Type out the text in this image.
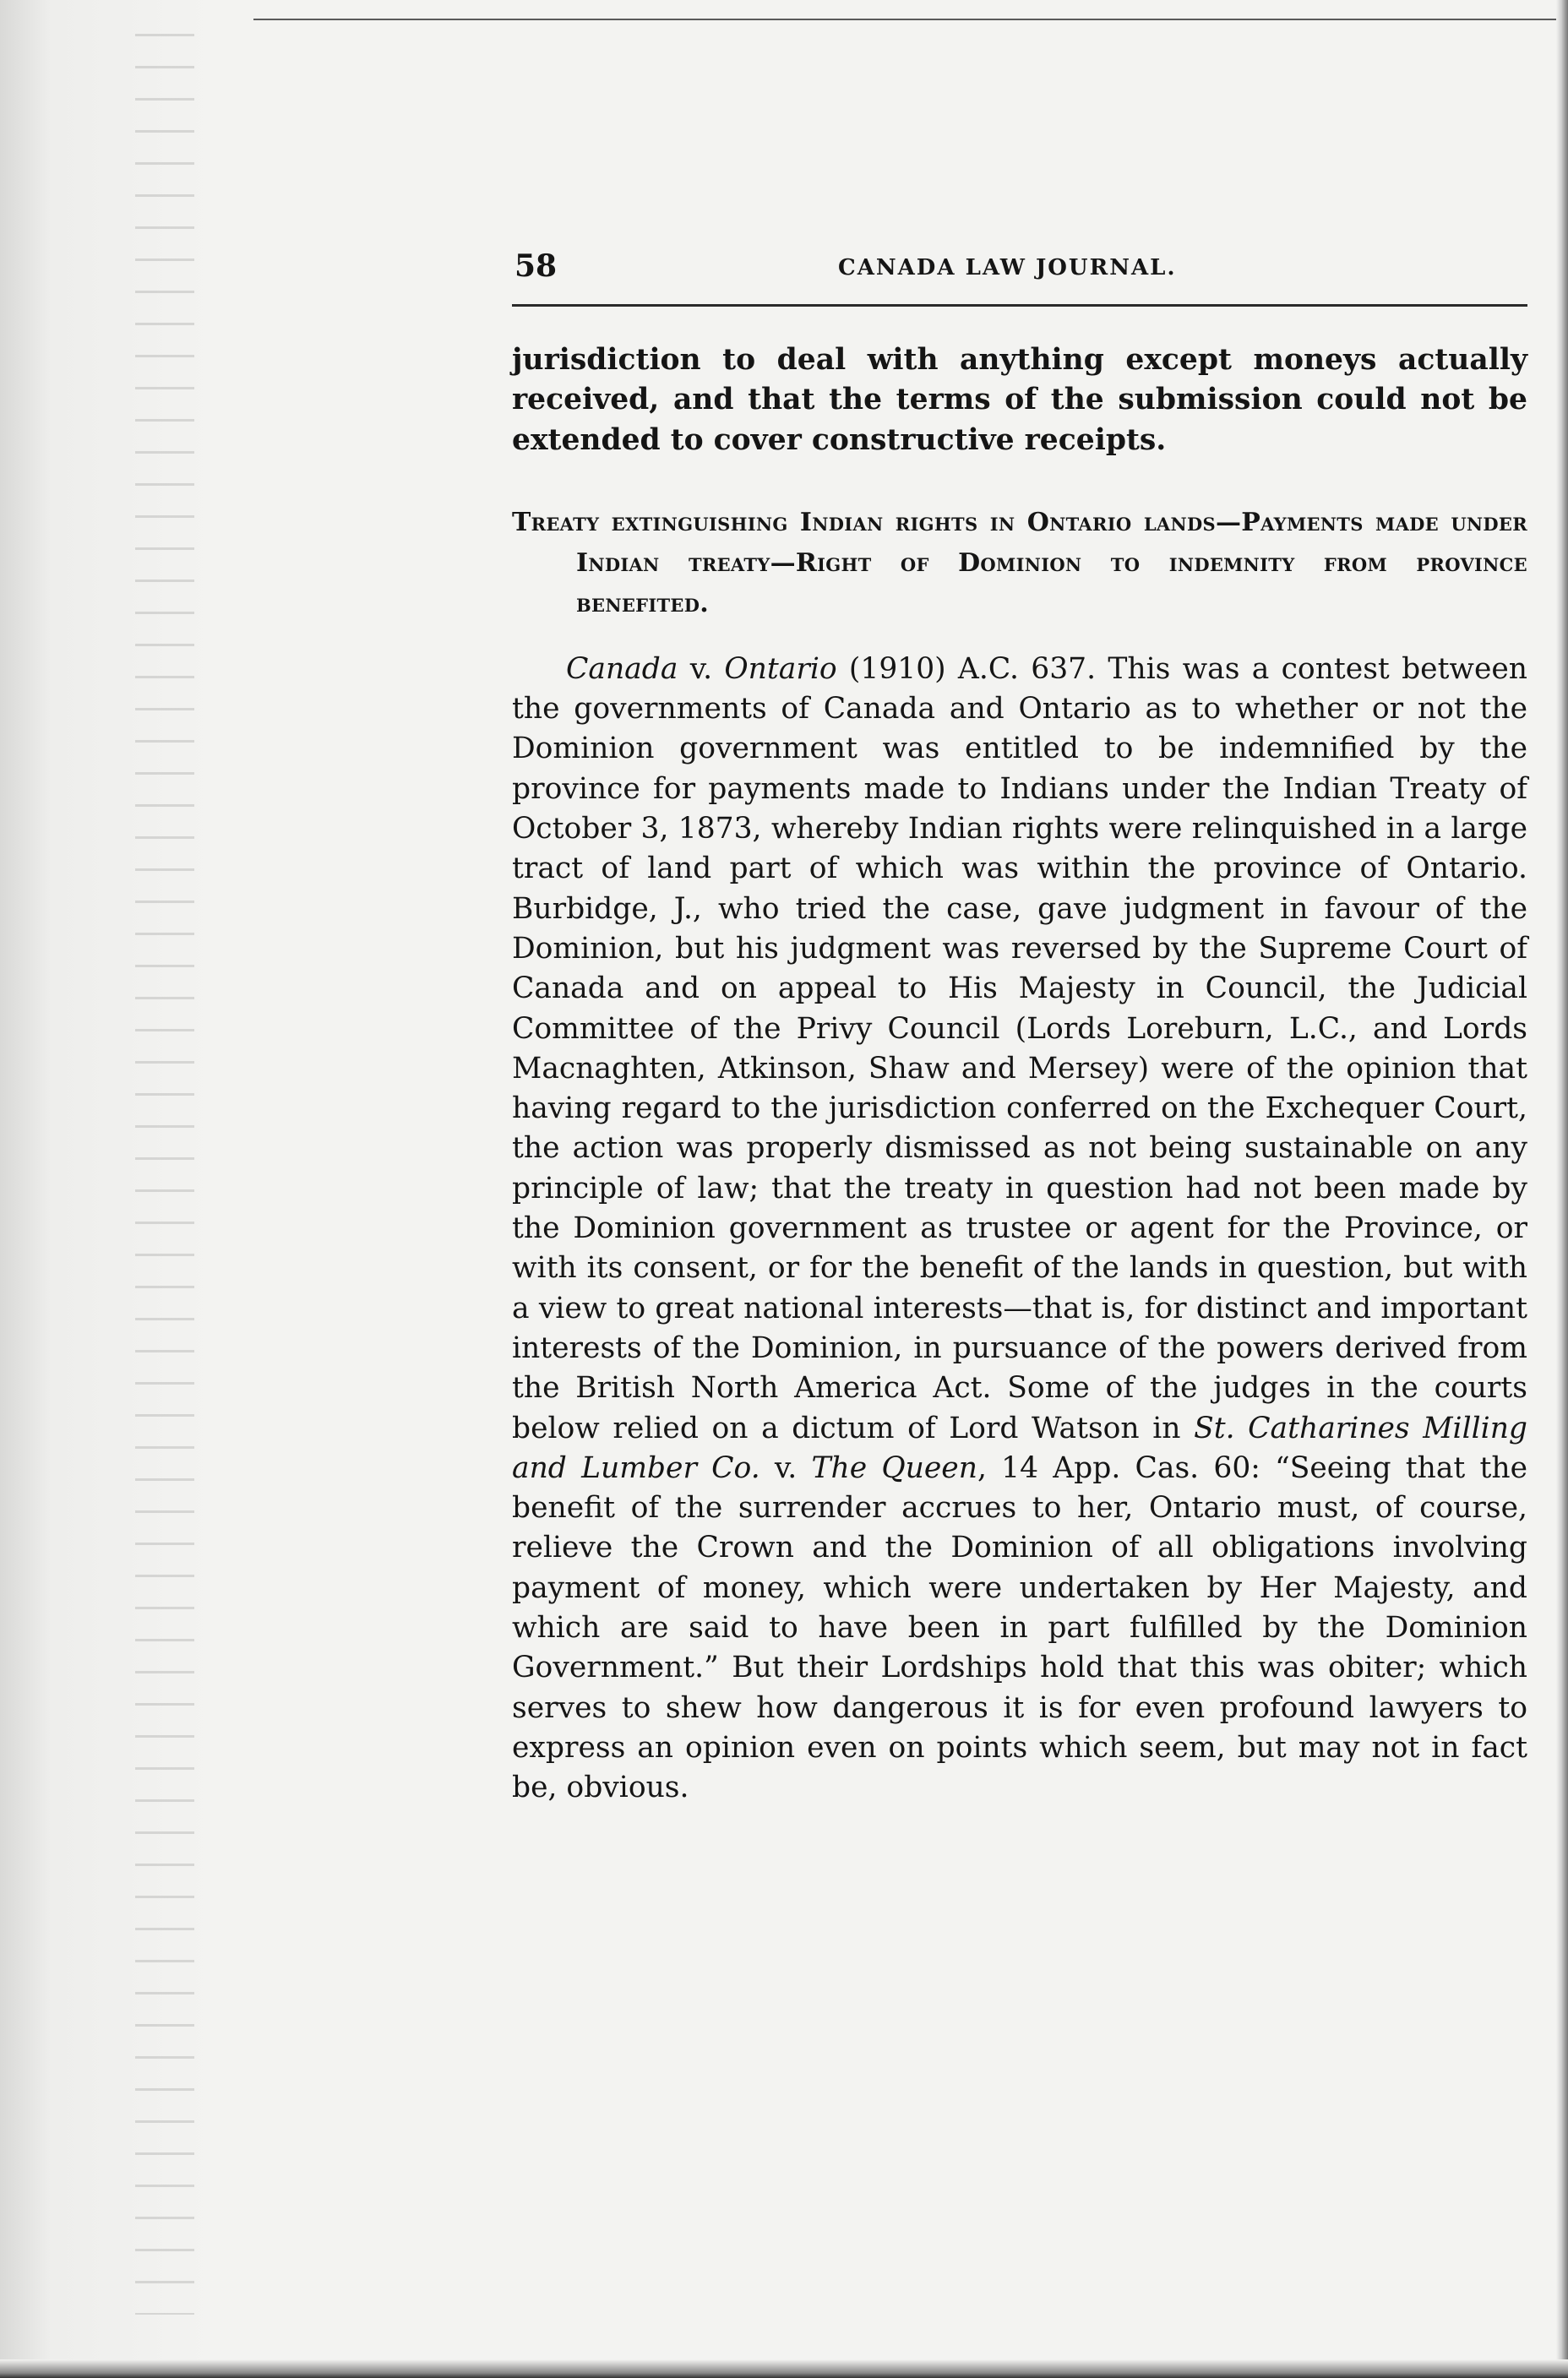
58	CANADA LAW JOURNAL.

jurisdiction to deal with anything except moneys actually received, and that the terms of the submission could not be extended to cover constructive receipts.

Treaty extinguishing Indian rights in Ontario lands—Payments made under Indian treaty—Right of Dominion to indemnity from province benefited.

Canada v. Ontario (1910) A.C. 637. This was a contest between the governments of Canada and Ontario as to whether or not the Dominion government was entitled to be indemnified by the province for payments made to Indians under the Indian Treaty of October 3, 1873, whereby Indian rights were relinquished in a large tract of land part of which was within the province of Ontario. Burbidge, J., who tried the case, gave judgment in favour of the Dominion, but his judgment was reversed by the Supreme Court of Canada and on appeal to His Majesty in Council, the Judicial Committee of the Privy Council (Lords Loreburn, L.C., and Lords Macnaghten, Atkinson, Shaw and Mersey) were of the opinion that having regard to the jurisdiction conferred on the Exchequer Court, the action was properly dismissed as not being sustainable on any principle of law; that the treaty in question had not been made by the Dominion government as trustee or agent for the Province, or with its consent, or for the benefit of the lands in question, but with a view to great national interests—that is, for distinct and important interests of the Dominion, in pursuance of the powers derived from the British North America Act. Some of the judges in the courts below relied on a dictum of Lord Watson in St. Catharines Milling and Lumber Co. v. The Queen, 14 App. Cas. 60: “Seeing that the benefit of the surrender accrues to her, Ontario must, of course, relieve the Crown and the Dominion of all obligations involving payment of money, which were undertaken by Her Majesty, and which are said to have been in part fulfilled by the Dominion Government.” But their Lordships hold that this was obiter; which serves to shew how dangerous it is for even profound lawyers to express an opinion even on points which seem, but may not in fact be, obvious.
